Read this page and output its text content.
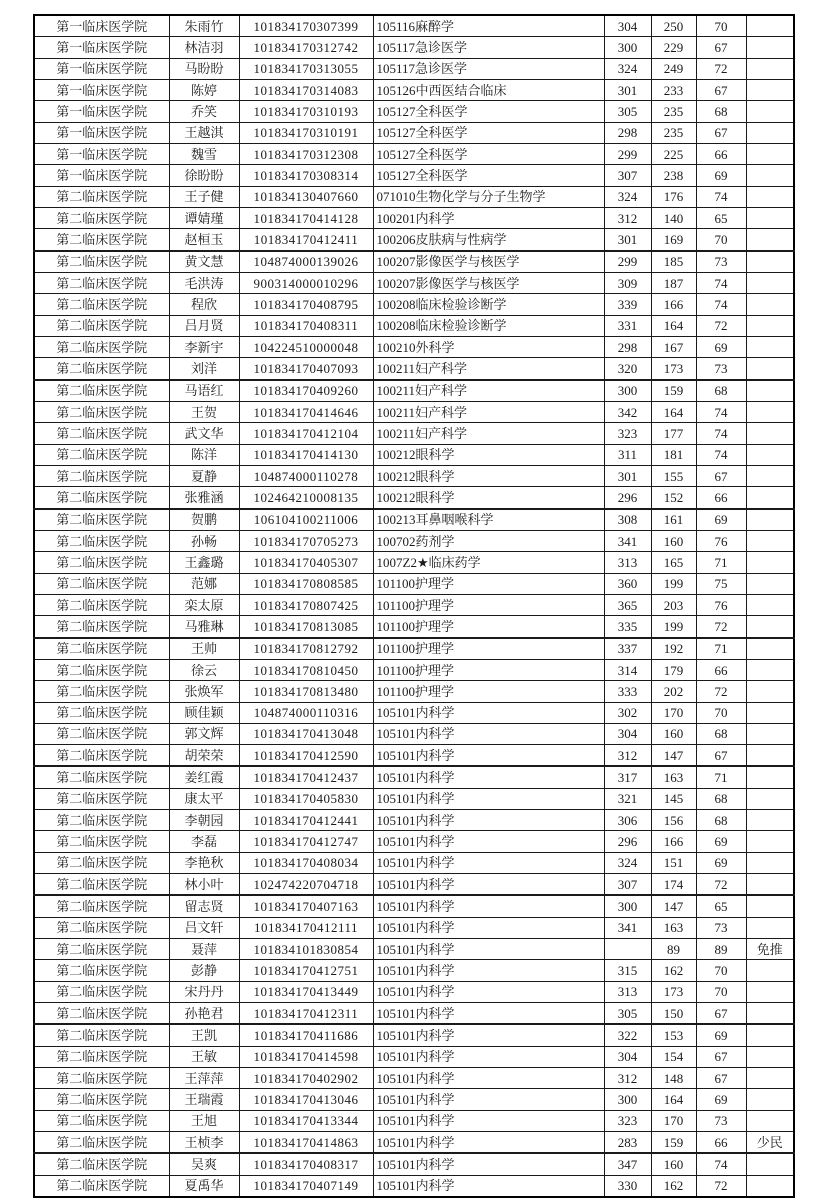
第一临床医学院	朱雨竹	101834170307399	105116麻醉学	304	250	70	
第一临床医学院	林洁羽	101834170312742	105117急诊医学	300	229	67	
第一临床医学院	马盼盼	101834170313055	105117急诊医学	324	249	72	
第一临床医学院	陈婷	101834170314083	105126中西医结合临床	301	233	67	
第一临床医学院	乔笑	101834170310193	105127全科医学	305	235	68	
第一临床医学院	王越淇	101834170310191	105127全科医学	298	235	67	
第一临床医学院	魏雪	101834170312308	105127全科医学	299	225	66	
第一临床医学院	徐盼盼	101834170308314	105127全科医学	307	238	69	
第二临床医学院	王子健	101834130407660	071010生物化学与分子生物学	324	176	74	
第二临床医学院	谭婧瑾	101834170414128	100201内科学	312	140	65	
第二临床医学院	赵桓玉	101834170412411	100206皮肤病与性病学	301	169	70	
第二临床医学院	黄文慧	104874000139026	100207影像医学与核医学	299	185	73	
第二临床医学院	毛洪涛	900314000010296	100207影像医学与核医学	309	187	74	
第二临床医学院	程欣	101834170408795	100208临床检验诊断学	339	166	74	
第二临床医学院	吕月贤	101834170408311	100208临床检验诊断学	331	164	72	
第二临床医学院	李新宇	104224510000048	100210外科学	298	167	69	
第二临床医学院	刘洋	101834170407093	100211妇产科学	320	173	73	
第二临床医学院	马语红	101834170409260	100211妇产科学	300	159	68	
第二临床医学院	王贺	101834170414646	100211妇产科学	342	164	74	
第二临床医学院	武文华	101834170412104	100211妇产科学	323	177	74	
第二临床医学院	陈洋	101834170414130	100212眼科学	311	181	74	
第二临床医学院	夏静	104874000110278	100212眼科学	301	155	67	
第二临床医学院	张雅涵	102464210008135	100212眼科学	296	152	66	
第二临床医学院	贺鹏	106104100211006	100213耳鼻咽喉科学	308	161	69	
第二临床医学院	孙畅	101834170705273	100702药剂学	341	160	76	
第二临床医学院	王鑫璐	101834170405307	1007Z2★临床药学	313	165	71	
第二临床医学院	范娜	101834170808585	101100护理学	360	199	75	
第二临床医学院	栾太原	101834170807425	101100护理学	365	203	76	
第二临床医学院	马雅琳	101834170813085	101100护理学	335	199	72	
第二临床医学院	王帅	101834170812792	101100护理学	337	192	71	
第二临床医学院	徐云	101834170810450	101100护理学	314	179	66	
第二临床医学院	张焕军	101834170813480	101100护理学	333	202	72	
第二临床医学院	顾佳颖	104874000110316	105101内科学	302	170	70	
第二临床医学院	郭文辉	101834170413048	105101内科学	304	160	68	
第二临床医学院	胡荣荣	101834170412590	105101内科学	312	147	67	
第二临床医学院	姜红霞	101834170412437	105101内科学	317	163	71	
第二临床医学院	康太平	101834170405830	105101内科学	321	145	68	
第二临床医学院	李朝园	101834170412441	105101内科学	306	156	68	
第二临床医学院	李磊	101834170412747	105101内科学	296	166	69	
第二临床医学院	李艳秋	101834170408034	105101内科学	324	151	69	
第二临床医学院	林小叶	102474220704718	105101内科学	307	174	72	
第二临床医学院	留志贤	101834170407163	105101内科学	300	147	65	
第二临床医学院	吕文轩	101834170412111	105101内科学	341	163	73	
第二临床医学院	聂萍	101834101830854	105101内科学		89	89	免推
第二临床医学院	彭静	101834170412751	105101内科学	315	162	70	
第二临床医学院	宋丹丹	101834170413449	105101内科学	313	173	70	
第二临床医学院	孙艳君	101834170412311	105101内科学	305	150	67	
第二临床医学院	王凯	101834170411686	105101内科学	322	153	69	
第二临床医学院	王敏	101834170414598	105101内科学	304	154	67	
第二临床医学院	王萍萍	101834170402902	105101内科学	312	148	67	
第二临床医学院	王瑞霞	101834170413046	105101内科学	300	164	69	
第二临床医学院	王旭	101834170413344	105101内科学	323	170	73	
第二临床医学院	王桢李	101834170414863	105101内科学	283	159	66	少民
第二临床医学院	吴爽	101834170408317	105101内科学	347	160	74	
第二临床医学院	夏禹华	101834170407149	105101内科学	330	162	72	
